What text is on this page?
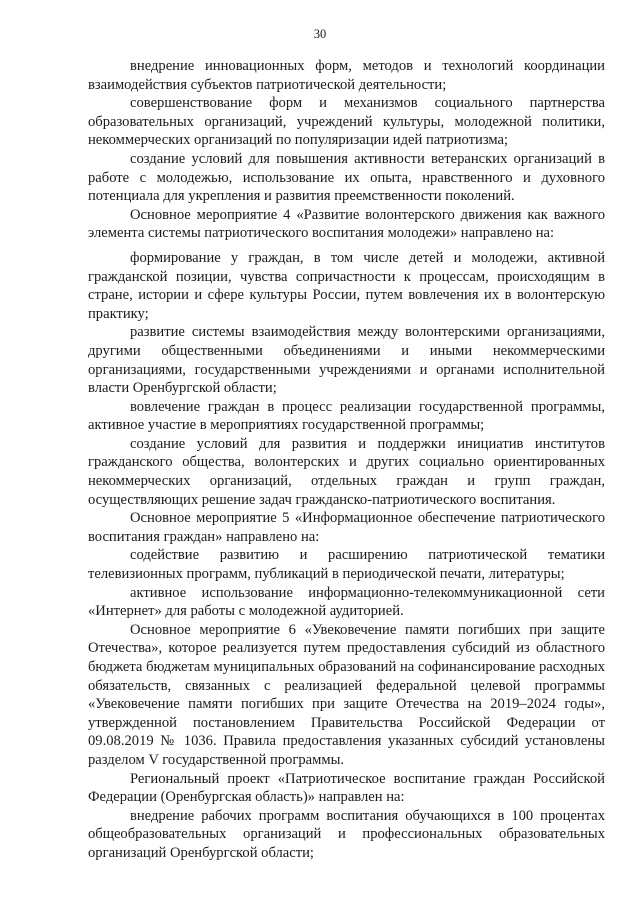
30

внедрение инновационных форм, методов и технологий координации взаимодействия субъектов патриотической деятельности;

совершенствование форм и механизмов социального партнерства образовательных организаций, учреждений культуры, молодежной политики, некоммерческих организаций по популяризации идей патриотизма;

создание условий для повышения активности ветеранских организаций в работе с молодежью, использование их опыта, нравственного и духовного потенциала для укрепления и развития преемственности поколений.

Основное мероприятие 4 «Развитие волонтерского движения как важного элемента системы патриотического воспитания молодежи» направлено на:

формирование у граждан, в том числе детей и молодежи, активной гражданской позиции, чувства сопричастности к процессам, происходящим в стране, истории и сфере культуры России, путем вовлечения их в волонтерскую практику;

развитие системы взаимодействия между волонтерскими организациями, другими общественными объединениями и иными некоммерческими организациями, государственными учреждениями и органами исполнительной власти Оренбургской области;

вовлечение граждан в процесс реализации государственной программы, активное участие в мероприятиях государственной программы;

создание условий для развития и поддержки инициатив институтов гражданского общества, волонтерских и других социально ориентированных некоммерческих организаций, отдельных граждан и групп граждан, осуществляющих решение задач гражданско-патриотического воспитания.

Основное мероприятие 5 «Информационное обеспечение патриотического воспитания граждан» направлено на:

содействие развитию и расширению патриотической тематики телевизионных программ, публикаций в периодической печати, литературы;

активное использование информационно-телекоммуникационной сети «Интернет» для работы с молодежной аудиторией.

Основное мероприятие 6 «Увековечение памяти погибших при защите Отечества», которое реализуется путем предоставления субсидий из областного бюджета бюджетам муниципальных образований на софинансирование расходных обязательств, связанных с реализацией федеральной целевой программы «Увековечение памяти погибших при защите Отечества на 2019–2024 годы», утвержденной постановлением Правительства Российской Федерации от 09.08.2019 № 1036. Правила предоставления указанных субсидий установлены разделом V государственной программы.

Региональный проект «Патриотическое воспитание граждан Российской Федерации (Оренбургская область)» направлен на:

внедрение рабочих программ воспитания обучающихся в 100 процентах общеобразовательных организаций и профессиональных образовательных организаций Оренбургской области;
